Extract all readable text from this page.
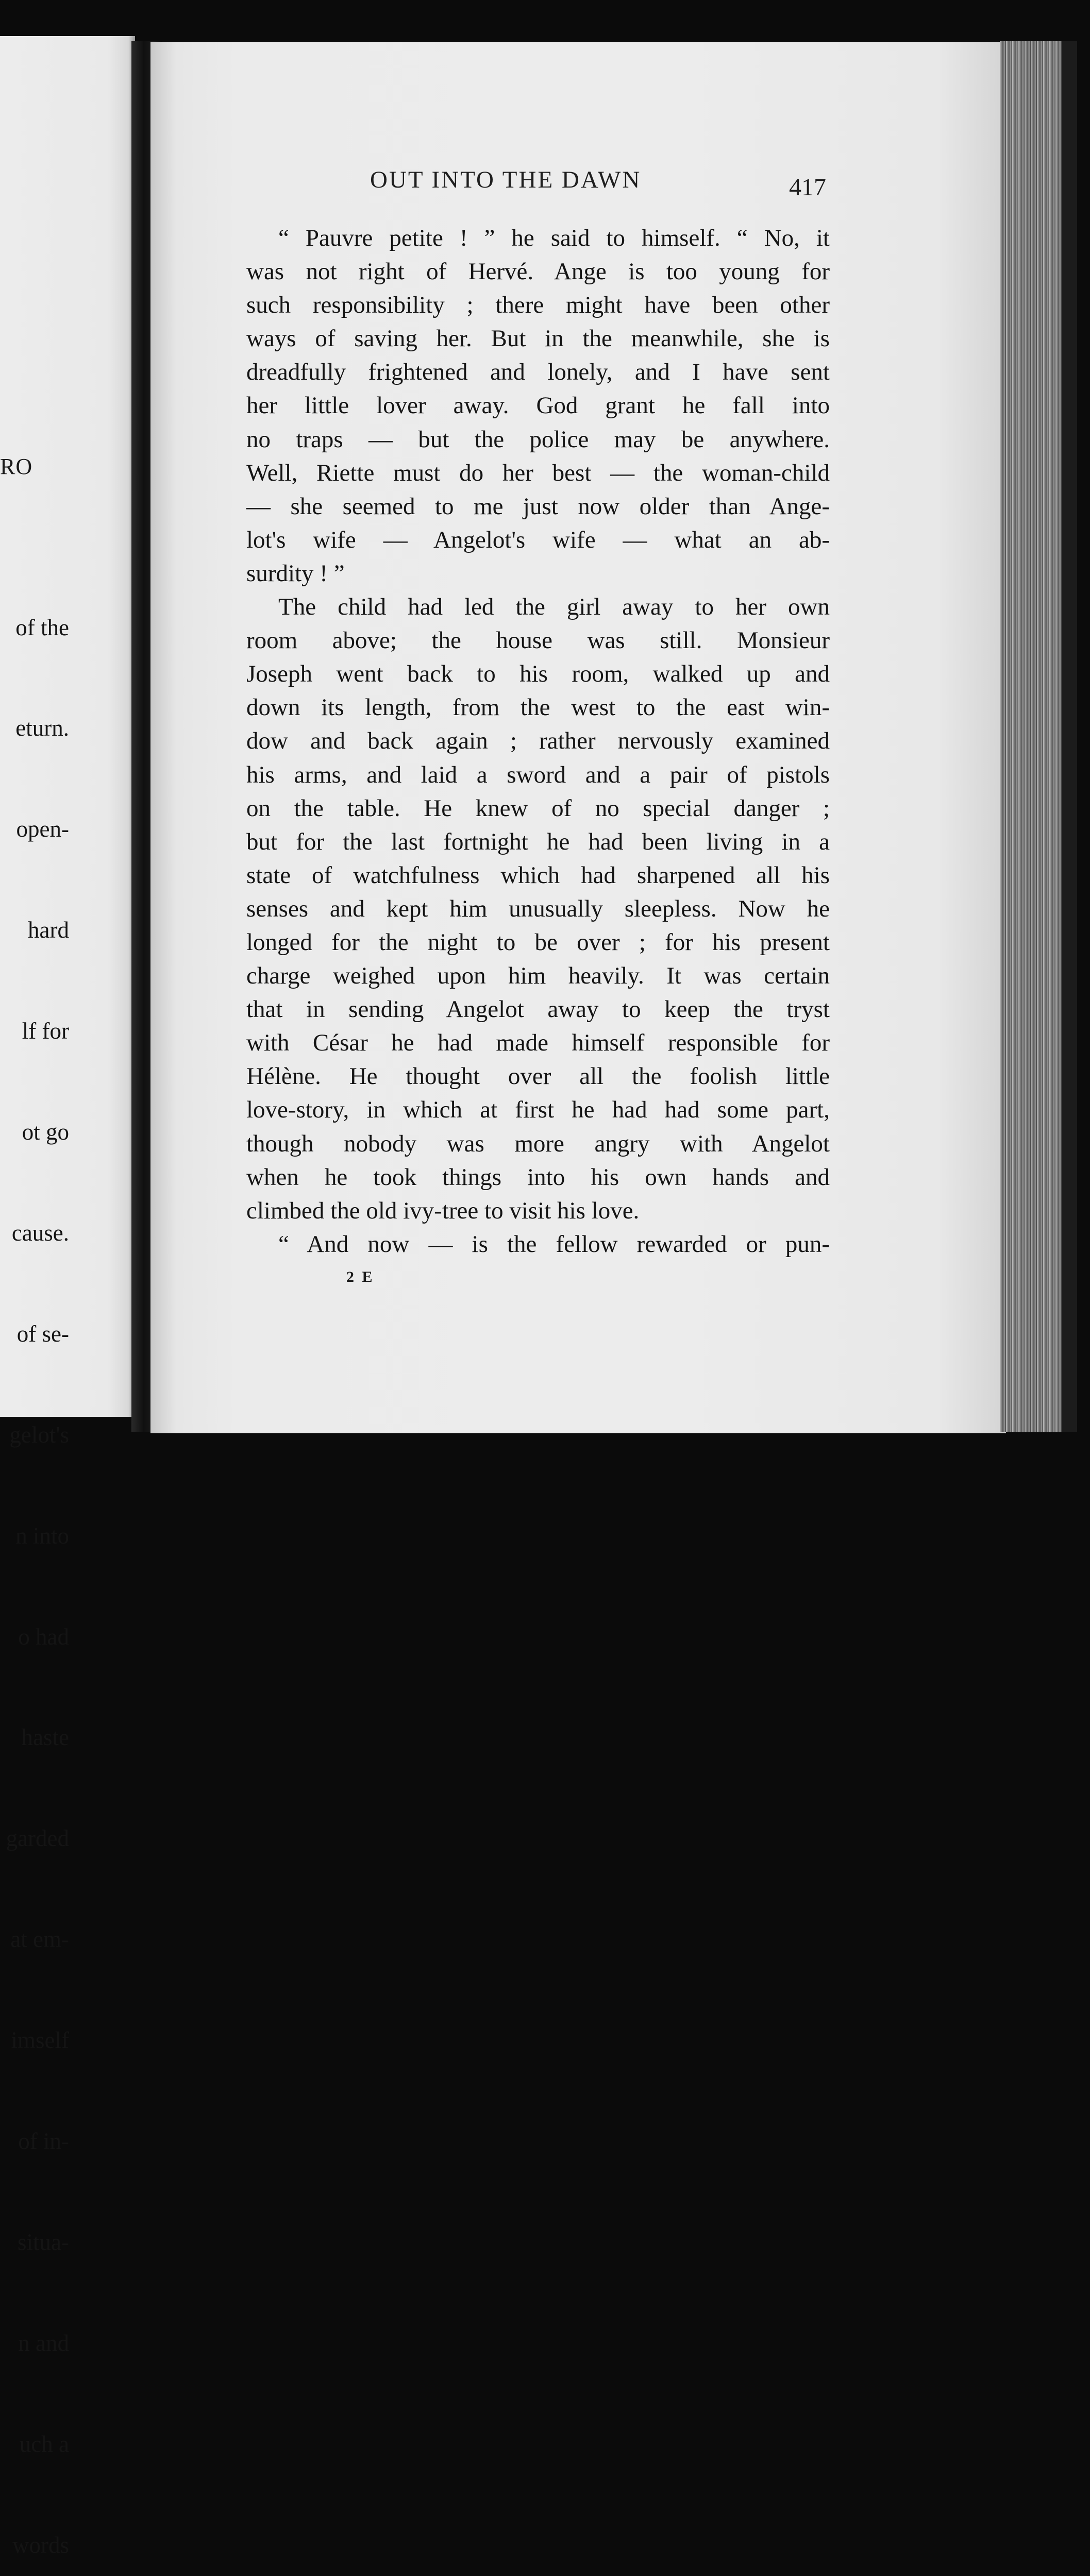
RO

of the

eturn.

open-

hard

lf for

ot go

cause.

of se-

gelot's

n into

o had

haste

garded

at em-

imself

of in-

situa-

n and

uch a

words

OUT INTO THE DAWN	417
“ Pauvre petite ! ” he said to himself. “ No, it
was not right of Hervé. Ange is too young for
such responsibility ; there might have been other
ways of saving her. But in the meanwhile, she is
dreadfully frightened and lonely, and I have sent
her little lover away. God grant he fall into
no traps — but the police may be anywhere.
Well, Riette must do her best — the woman-child
— she seemed to me just now older than Ange-
lot's wife — Angelot's wife — what an ab-
surdity ! ”
The child had led the girl away to her own
room above; the house was still. Monsieur
Joseph went back to his room, walked up and
down its length, from the west to the east win-
dow and back again ; rather nervously examined
his arms, and laid a sword and a pair of pistols
on the table. He knew of no special danger ;
but for the last fortnight he had been living in a
state of watchfulness which had sharpened all his
senses and kept him unusually sleepless. Now he
longed for the night to be over ; for his present
charge weighed upon him heavily. It was certain
that in sending Angelot away to keep the tryst
with César he had made himself responsible for
Hélène. He thought over all the foolish little
love-story, in which at first he had had some part,
though nobody was more angry with Angelot
when he took things into his own hands and
climbed the old ivy-tree to visit his love.
“ And now — is the fellow rewarded or pun-
2 E
